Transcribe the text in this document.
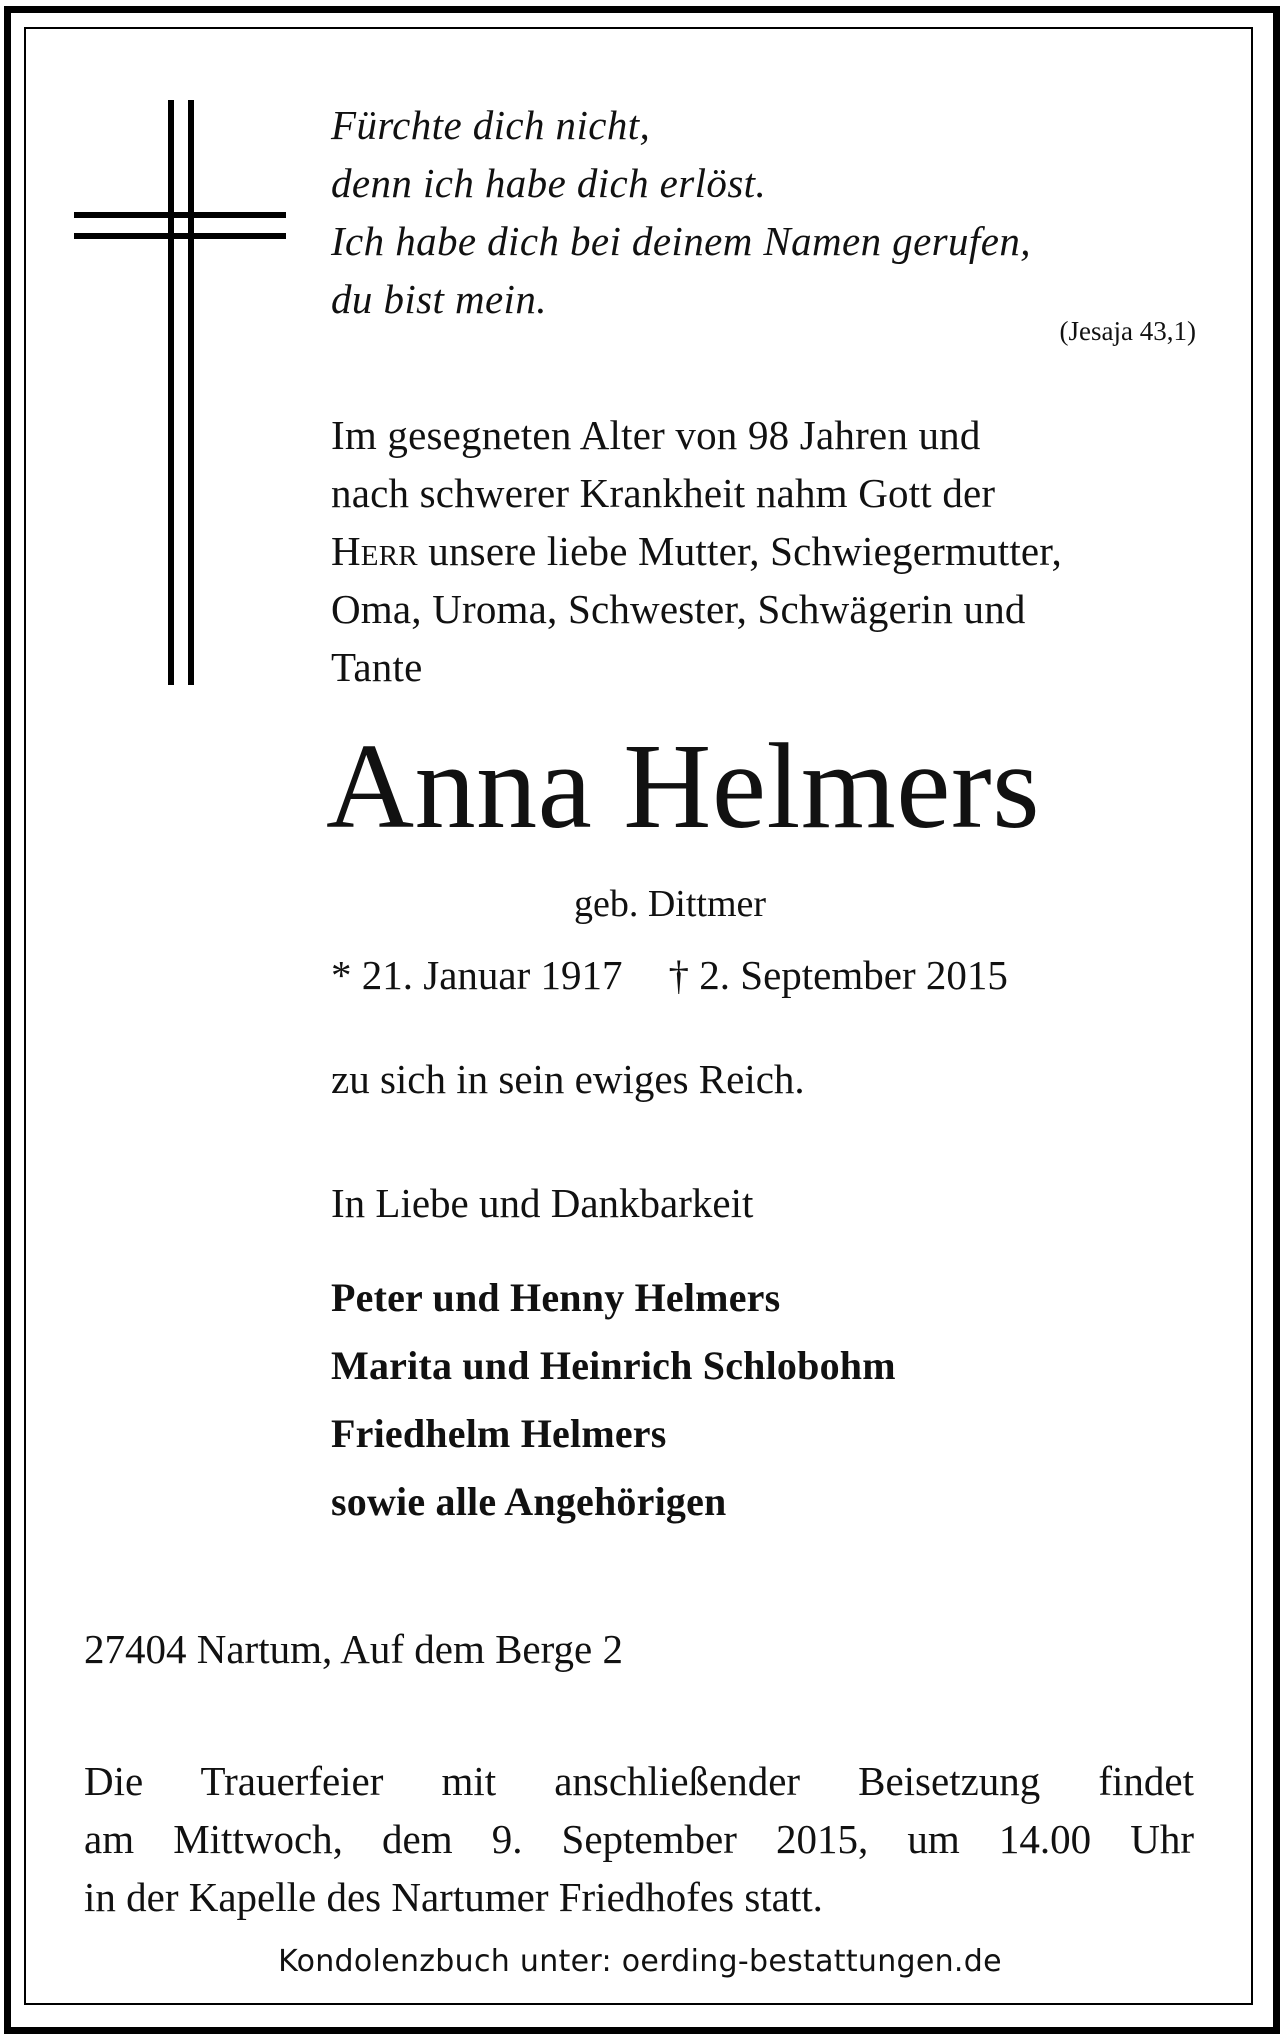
Fürchte dich nicht,
denn ich habe dich erlöst.
Ich habe dich bei deinem Namen gerufen,
du bist mein.
(Jesaja 43,1)
Im gesegneten Alter von 98 Jahren und
nach schwerer Krankheit nahm Gott der
Herr unsere liebe Mutter, Schwiegermutter,
Oma, Uroma, Schwester, Schwägerin und
Tante
Anna Helmers
geb. Dittmer
* 21. Januar 1917 † 2. September 2015
zu sich in sein ewiges Reich.
In Liebe und Dankbarkeit
Peter und Henny Helmers
Marita und Heinrich Schlobohm
Friedhelm Helmers
sowie alle Angehörigen
27404 Nartum, Auf dem Berge 2
Die Trauerfeier mit anschließender Beisetzung findet
am Mittwoch, dem 9. September 2015, um 14.00 Uhr
in der Kapelle des Nartumer Friedhofes statt.
Kondolenzbuch unter: oerding-bestattungen.de
